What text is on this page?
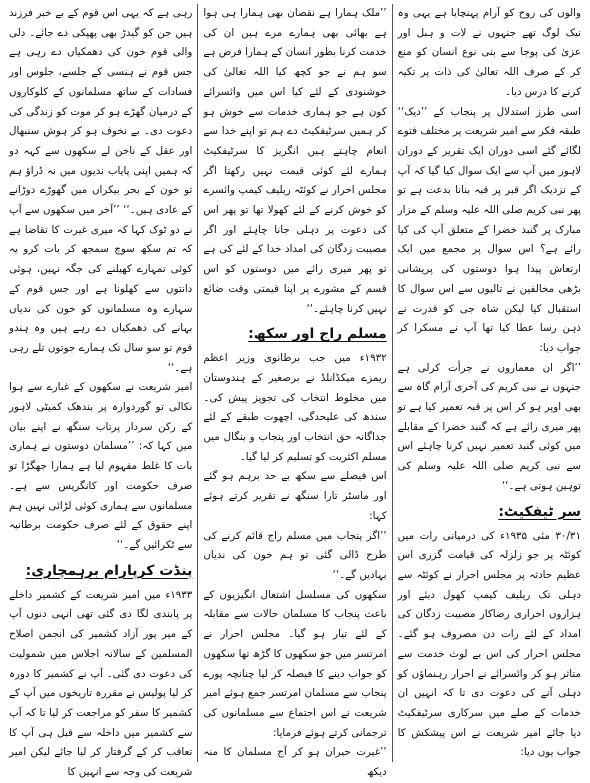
والوں کی روح کو آرام پہنچایا ہے یہی وہ نیک لوگ تھے جنہوں نے لات و ہبل اور عزیٰ کی پوجا سے بنی نوع انسان کو منع کر کے صرف اللہ تعالیٰ کی ذات پر تکیہ کرنے کا درس دیا۔

اسی طرز استدلال پر پنجاب کے ’’دیک‘‘ طبقہ فکر سے امیر شریعت پر مختلف فتوے لگائے گئے اسی دوران ایک تقریر کے دوران لاہور میں آپ سے ایک سوال کیا گیا کہ آپ کے نزدیک اگر قبر پر قبہ بنانا بدعت ہے تو پھر نبی کریم صلی اللہ علیہ وسلم کے مزار مبارک پر گنبد خضرا کے متعلق آپ کی کیا رائے ہے؟ اس سوال پر مجمع میں ایک ارتعاش پیدا ہوا دوستوں کی پریشانی بڑھی مخالفین نے تالیوں سے اس سوال کا استقبال کیا لیکن شاہ جی کو قدرت نے ذہن رسا عطا کیا تھا آپ نے مسکرا کر جواب دیا:

’’اگر ان معماروں نے جرأت کرلی ہے جنہوں نے نبی کریم کی آخری آرام گاہ سے بھی اوپر ہو کر اس پر قبہ تعمیر کیا ہے تو پھر میری رائے ہے کہ گنبد خضرا کے مقابلے میں کوئی گنبد تعمیر نہیں کرنا چاہئے اس سے نبی کریم صلی اللہ علیہ وسلم کی توہین ہوتی ہے۔‘‘

سر ٹیفکیٹ:

۳۰/۳۱ مئی ۱۹۳۵ء کی درمیانی رات میں کوئٹہ پر جو زلزلہ کی قیامت گزری اس عظیم حادثہ پر مجلس احرار نے کوئٹہ سے دہلی تک ریلیف کیمپ کھول دیئے اور ہزاروں احراری رضاکار مصیبت زدگان کی امداد کے لئے رات دن مصروف ہو گئے۔ مجلس احرار کی اس بے لوث خدمت سے متاثر ہو کر وائسرائے نے احرار رہنماؤں کو دہلی آنے کی دعوت دی تا کہ انہیں ان خدمات کے صلے میں سرکاری سرٹیفکیٹ دیا جائے امیر شریعت نے اس پیشکش کا جواب یوں دیا:

’’ملک ہمارا ہے نقصان بھی ہمارا ہی ہوا ہے بھائی بھی ہمارے مرے ہیں ان کی خدمت کرنا بطور انسان کے ہمارا فرض ہے سو ہم نے جو کچھ کیا اللہ تعالیٰ کی خوشنودی کے لئے کیا اس میں وائسرائے کون ہے جو ہماری خدمات سے خوش ہو کر ہمیں سرٹیفکیٹ دے ہم تو اپنے خدا سے انعام چاہتے ہیں انگریز کا سرٹیفکیٹ ہمارے لئے کوئی قیمت نہیں رکھتا اگر مجلس احرار نے کوئٹہ ریلیف کیمپ وائسرے کو خوش کرنے کے لئے کھولا تھا تو پھر اس کی دعوت پر دہلی جانا چاہئے اور اگر مصیبت زدگان کی امداد خدا کے لئے کی ہے تو پھر میری رائے میں دوستوں کو اس قسم کے مشورے پر اپنا قیمتی وقت ضائع نہیں کرنا چاہئے۔‘‘

مسلم راج اور سکھ:

۱۹۳۲ء میں جب برطانوی وزیر اعظم ریمزے میکڈانلڈ نے برصغیر کے ہندوستان میں مخلوط انتخاب کی تجویز پیش کی۔ سندھ کی علیحدگی، اچھوت طبقے کے لئے جداگانہ حق انتخاب اور پنجاب و بنگال میں مسلم اکثریت کو تسلیم کر لیا گیا۔

اس فیصلے سے سکھ بے حد برہم ہو گئے اور ماسٹر تارا سنگھ نے تقریر کرتے ہوئے کہا:

’’اگر پنجاب میں مسلم راج قائم کرنے کی طرح ڈالی گئی تو ہم خون کی ندیاں بہادیں گے۔‘‘

سکھوں کی مسلسل اشتعال انگیزیوں کے باعث پنجاب کا مسلمان حالات سے مقابلہ کے لئے تیار ہو گیا۔ مجلس احرار نے امرتسر میں جو سکھوں کا گڑھ تھا سکھوں کو جواب دینے کا فیصلہ کر لیا چنانچہ پورے پنجاب سے مسلمان امرتسر جمع ہوئے امیر شریعت نے اس اجتماع سے مسلمانوں کی ترجمانی کرتے ہوئے فرمایا:

’’غیرت حیران ہو کر آج مسلمان کا منہ دیکھ

رہی ہے کہ یہی اس قوم کے بے خبر فرزند ہیں جن کو گیدڑ بھی پھپکی دے جائے۔ دلی والی قوم خون کی دھمکیاں دے رہی ہے جس قوم نے ہنسی کے جلسے، جلوس اور فسادات کے ساتھ مسلمانوں کے کلوکاروں کے درمیان گھڑے ہو کر موت کو زندگی کی دعوت دی۔ بے نخوف ہو کر ہوش سنبھال اور عقل کے ناخن لے سکھوں سے کہہ دو کہ ہمیں اپنی پایاب ندیوں میں نہ ڈراؤ ہم تو خون کے بحر بیکراں میں گھوڑے دوڑانے کے عادی ہیں۔‘‘ ’’آخر میں سکھوں سے آپ نے دو ٹوک کہا کہ میری غیرت کا تقاضا ہے کہ تم سکھ سوچ سمجھ کر بات کرو یہ کوئی تمہارے کھیلنے کی جگہ نہیں، ہوئی دانتوں سے کھلونا ہے اور جس قوم کے سہارے وہ مسلمانوں کو خون کی ندیاں بہانے کی دھمکیاں دے رہے ہیں وہ ہندو قوم تو سو سال تک ہمارے جوتوں تلے رہی ہے۔‘‘

امیر شریعت نے سکھوں کے غبارے سے ہوا نکالی تو گوردوارہ پر بندھک کمیٹی لاہور کے رکن سردار پرتاب سنگھ نے اپنے بیان میں کہا کہ: ’’مسلمان دوستوں نے ہماری بات کا غلط مفہوم لیا ہے ہمارا جھگڑا تو صرف حکومت اور کانگریس سے ہے۔ مسلمانوں سے ہماری کوئی لڑائی نہیں ہم اپنے حقوق کے لئے صرف حکومت برطانیہ سے ٹکرائیں گے۔‘‘

پنڈت کرپارام برہمچاری:

۱۹۳۳ء میں امیر شریعت کے کشمیر داخلے پر پابندی لگا دی گئی تھی انہی دنوں آپ کے میر پور آزاد کشمیر کی انجمن اصلاح المسلمین کے سالانہ اجلاس میں شمولیت کی دعوت دی گئی۔ آپ نے کشمیر کا دورہ کر لیا پولیس نے مقررہ تاریخوں میں آپ کے کشمیر کا سفر کو مراجعت کر لیا تا کہ آپ سے کشمیر میں داخلہ سے قبل ہی آپ کا تعاقب کر کے گرفتار کر لیا جائے لیکن امیر شریعت کی وجہ سے انہیں کا
